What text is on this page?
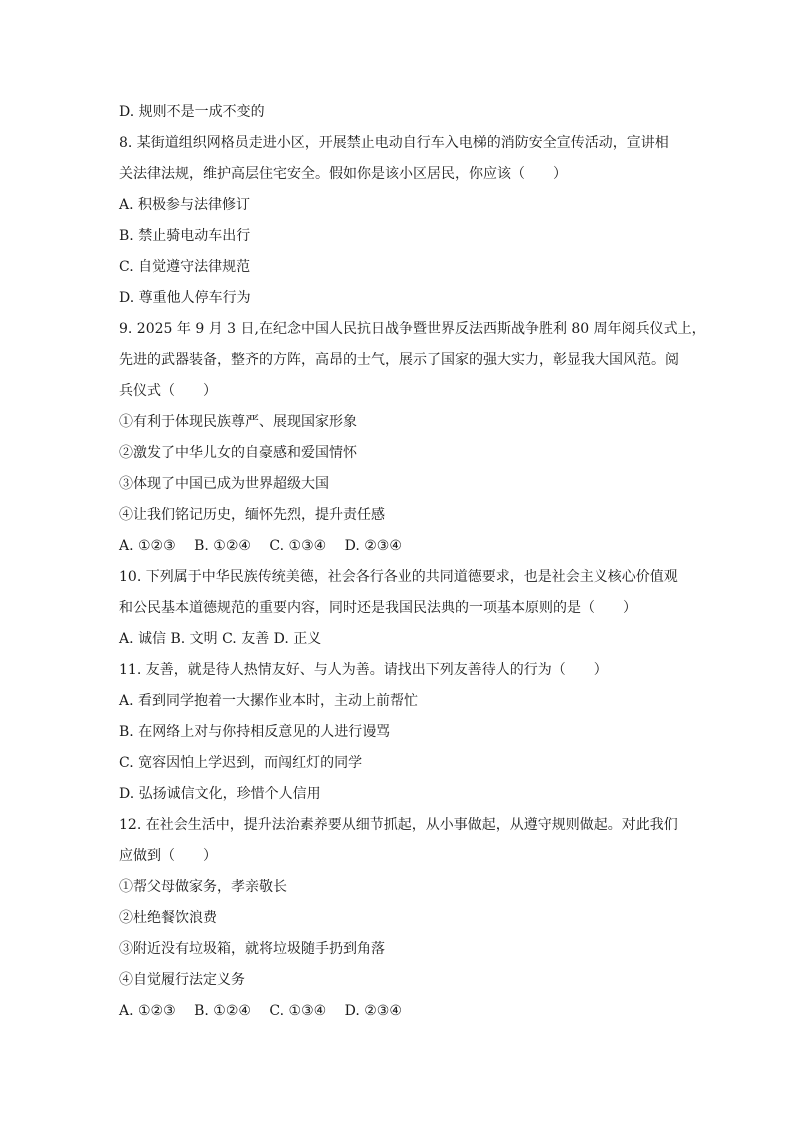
D. 规则不是一成不变的
8. 某街道组织网格员走进小区，开展禁止电动自行车入电梯的消防安全宣传活动，宣讲相
关法律法规，维护高层住宅安全。假如你是该小区居民，你应该（　　）
A. 积极参与法律修订
B. 禁止骑电动车出行
C. 自觉遵守法律规范
D. 尊重他人停车行为
9. 2025 年 9 月 3 日,在纪念中国人民抗日战争暨世界反法西斯战争胜利 80 周年阅兵仪式上，
先进的武器装备，整齐的方阵，高昂的士气，展示了国家的强大实力，彰显我大国风范。阅
兵仪式（　　）
①有利于体现民族尊严、展现国家形象
②激发了中华儿女的自豪感和爱国情怀
③体现了中国已成为世界超级大国
④让我们铭记历史，缅怀先烈，提升责任感
A. ①②③　 B. ①②④　 C. ①③④　 D. ②③④
10. 下列属于中华民族传统美德，社会各行各业的共同道德要求，也是社会主义核心价值观
和公民基本道德规范的重要内容，同时还是我国民法典的一项基本原则的是（　　）
A. 诚信 B. 文明 C. 友善 D. 正义
11. 友善，就是待人热情友好、与人为善。请找出下列友善待人的行为（　　）
A. 看到同学抱着一大摞作业本时，主动上前帮忙
B. 在网络上对与你持相反意见的人进行谩骂
C. 宽容因怕上学迟到，而闯红灯的同学
D. 弘扬诚信文化，珍惜个人信用
12. 在社会生活中，提升法治素养要从细节抓起，从小事做起，从遵守规则做起。对此我们
应做到（　　）
①帮父母做家务，孝亲敬长
②杜绝餐饮浪费
③附近没有垃圾箱，就将垃圾随手扔到角落
④自觉履行法定义务
A. ①②③　 B. ①②④　 C. ①③④　 D. ②③④
